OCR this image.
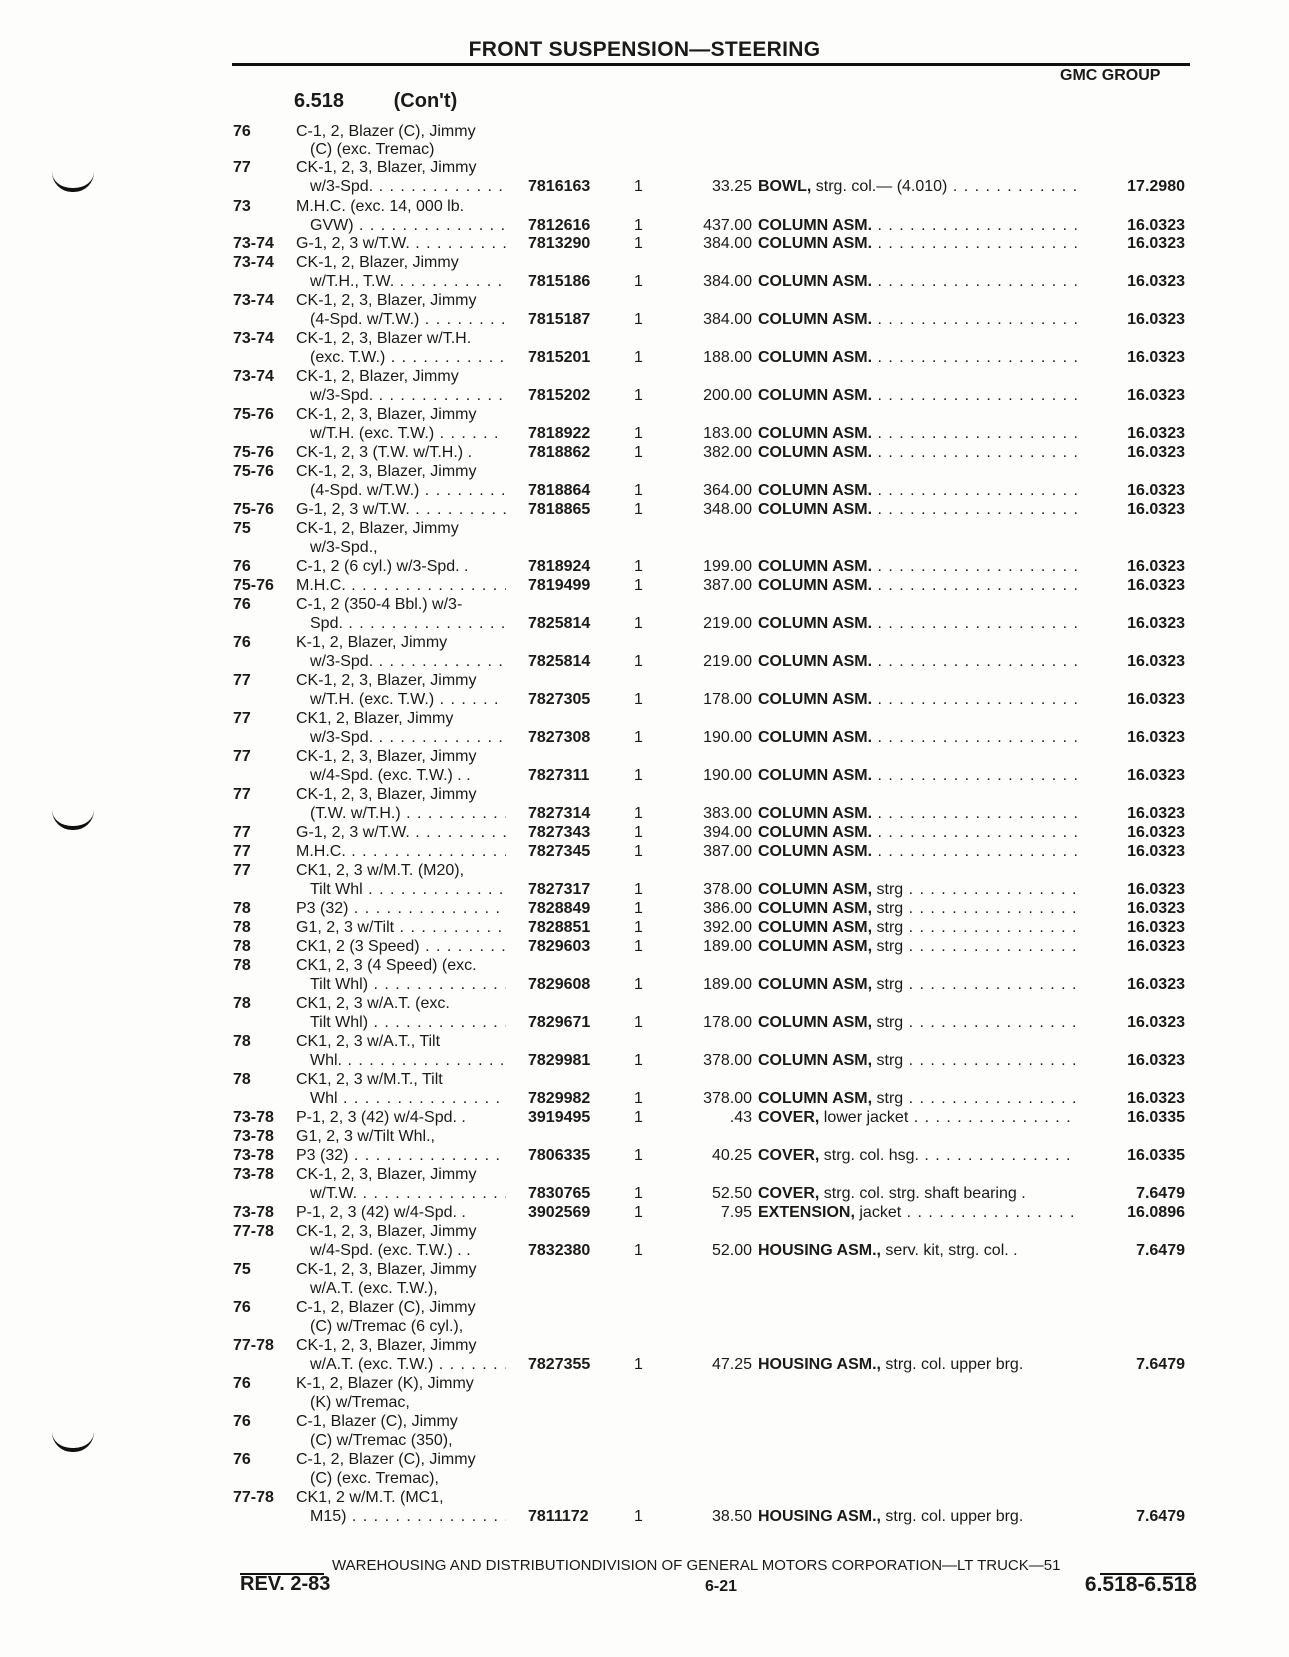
FRONT SUSPENSION—STEERING
GMC GROUP
6.518 (Con't)
76	C-1, 2, Blazer (C), Jimmy
(C) (exc. Tremac)
77	CK-1, 2, 3, Blazer, Jimmy
w/3-Spd. . . .	7816163	1	33.25 BOWL, strg. col.— (4.010) . . .	17.2980
73	M.H.C. (exc. 14, 000 lb.
GVW) . . .	7812616	1	437.00 COLUMN ASM. . . .	16.0323
73-74 G-1, 2, 3 w/T.W. . . .	7813290	1	384.00 COLUMN ASM. . . .	16.0323
73-74 CK-1, 2, Blazer, Jimmy
w/T.H., T.W. . . .	7815186	1	384.00 COLUMN ASM. . . .	16.0323
73-74 CK-1, 2, 3, Blazer, Jimmy
(4-Spd. w/T.W.) . . .	7815187	1	384.00 COLUMN ASM. . . .	16.0323
73-74 CK-1, 2, 3, Blazer w/T.H.
(exc. T.W.) . . .	7815201	1	188.00 COLUMN ASM. . . .	16.0323
73-74 CK-1, 2, Blazer, Jimmy
w/3-Spd. . . .	7815202	1	200.00 COLUMN ASM. . . .	16.0323
75-76 CK-1, 2, 3, Blazer, Jimmy
w/T.H. (exc. T.W.) . . .	7818922	1	183.00 COLUMN ASM. . . .	16.0323
75-76 CK-1, 2, 3 (T.W. w/T.H.) .	7818862	1	382.00 COLUMN ASM. . . .	16.0323
75-76 CK-1, 2, 3, Blazer, Jimmy
(4-Spd. w/T.W.) . . .	7818864	1	364.00 COLUMN ASM. . . .	16.0323
75-76 G-1, 2, 3 w/T.W. . . .	7818865	1	348.00 COLUMN ASM. . . .	16.0323
75	CK-1, 2, Blazer, Jimmy
w/3-Spd.,
76	C-1, 2 (6 cyl.) w/3-Spd. .	7818924	1	199.00 COLUMN ASM. . . .	16.0323
75-76 M.H.C. . . .	7819499	1	387.00 COLUMN ASM. . . .	16.0323
76	C-1, 2 (350-4 Bbl.) w/3-
Spd. . . .	7825814	1	219.00 COLUMN ASM. . . .	16.0323
76	K-1, 2, Blazer, Jimmy
w/3-Spd. . . .	7825814	1	219.00 COLUMN ASM. . . .	16.0323
77	CK-1, 2, 3, Blazer, Jimmy
w/T.H. (exc. T.W.) . . .	7827305	1	178.00 COLUMN ASM. . . .	16.0323
77	CK1, 2, Blazer, Jimmy
w/3-Spd. . . .	7827308	1	190.00 COLUMN ASM. . . .	16.0323
77	CK-1, 2, 3, Blazer, Jimmy
w/4-Spd. (exc. T.W.) . .	7827311	1	190.00 COLUMN ASM. . . .	16.0323
77	CK-1, 2, 3, Blazer, Jimmy
(T.W. w/T.H.) . . .	7827314	1	383.00 COLUMN ASM. . . .	16.0323
77	G-1, 2, 3 w/T.W. . . .	7827343	1	394.00 COLUMN ASM. . . .	16.0323
77	M.H.C. . . .	7827345	1	387.00 COLUMN ASM. . . .	16.0323
77	CK1, 2, 3 w/M.T. (M20),
Tilt Whl . . .	7827317	1	378.00 COLUMN ASM, strg . . .	16.0323
78	P3 (32) . . .	7828849	1	386.00 COLUMN ASM, strg . . .	16.0323
78	G1, 2, 3 w/Tilt . . .	7828851	1	392.00 COLUMN ASM, strg . . .	16.0323
78	CK1, 2 (3 Speed) . . .	7829603	1	189.00 COLUMN ASM, strg . . .	16.0323
78	CK1, 2, 3 (4 Speed) (exc.
Tilt Whl) . . .	7829608	1	189.00 COLUMN ASM, strg . . .	16.0323
78	CK1, 2, 3 w/A.T. (exc.
Tilt Whl) . . .	7829671	1	178.00 COLUMN ASM, strg . . .	16.0323
78	CK1, 2, 3 w/A.T., Tilt
Whl. . . .	7829981	1	378.00 COLUMN ASM, strg . . .	16.0323
78	CK1, 2, 3 w/M.T., Tilt
Whl . . .	7829982	1	378.00 COLUMN ASM, strg . . .	16.0323
73-78 P-1, 2, 3 (42) w/4-Spd. .	3919495	1	.43 COVER, lower jacket . . .	16.0335
73-78 G1, 2, 3 w/Tilt Whl.,
73-78 P3 (32) . . .	7806335	1	40.25 COVER, strg. col. hsg. . . .	16.0335
73-78 CK-1, 2, 3, Blazer, Jimmy
w/T.W. . . .	7830765	1	52.50 COVER, strg. col. strg. shaft bearing .	7.6479
73-78 P-1, 2, 3 (42) w/4-Spd. .	3902569	1	7.95 EXTENSION, jacket . . .	16.0896
77-78 CK-1, 2, 3, Blazer, Jimmy
w/4-Spd. (exc. T.W.) . .	7832380	1	52.00 HOUSING ASM., serv. kit, strg. col. .	7.6479
75	CK-1, 2, 3, Blazer, Jimmy
w/A.T. (exc. T.W.),
76	C-1, 2, Blazer (C), Jimmy
(C) w/Tremac (6 cyl.),
77-78 CK-1, 2, 3, Blazer, Jimmy
w/A.T. (exc. T.W.) . . .	7827355	1	47.25 HOUSING ASM., strg. col. upper brg.	7.6479
76	K-1, 2, Blazer (K), Jimmy
(K) w/Tremac,
76	C-1, Blazer (C), Jimmy
(C) w/Tremac (350),
76	C-1, 2, Blazer (C), Jimmy
(C) (exc. Tremac),
77-78 CK1, 2 w/M.T. (MC1,
M15) . . .	7811172	1	38.50 HOUSING ASM., strg. col. upper brg.	7.6479
WAREHOUSING AND DISTRIBUTIONDIVISION OF GENERAL MOTORS CORPORATION—LT TRUCK—51
REV. 2-83	6-21	6.518-6.518
